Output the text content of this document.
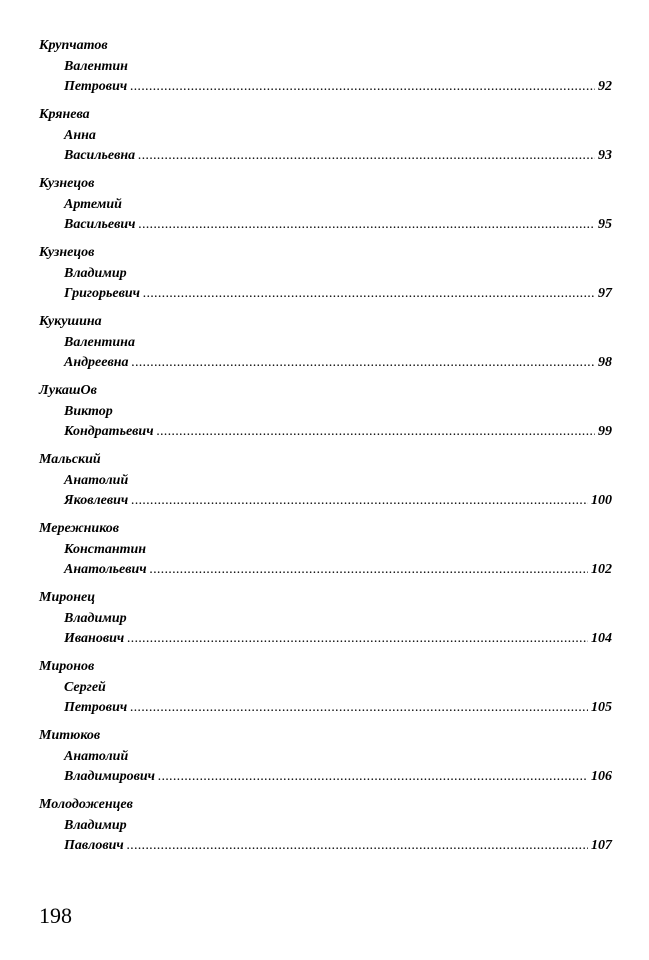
Крупчатов
Валентин
Петрович . . .	92
Крянева
Анна
Васильевна . . .	93
Кузнецов
Артемий
Васильевич . . .	95
Кузнецов
Владимир
Григорьевич . . .	97
Кукушина
Валентина
Андреевна . . .	98
ЛукашОв
Виктор
Кондратьевич . . .	99
Мальский
Анатолий
Яковлевич . . .	100
Мережников
Константин
Анатольевич . . .	102
Миронец
Владимир
Иванович . . .	104
Миронов
Сергей
Петрович . . .	105
Митюков
Анатолий
Владимирович . . .	106
Молодоженцев
Владимир
Павлович . . .	107
198
